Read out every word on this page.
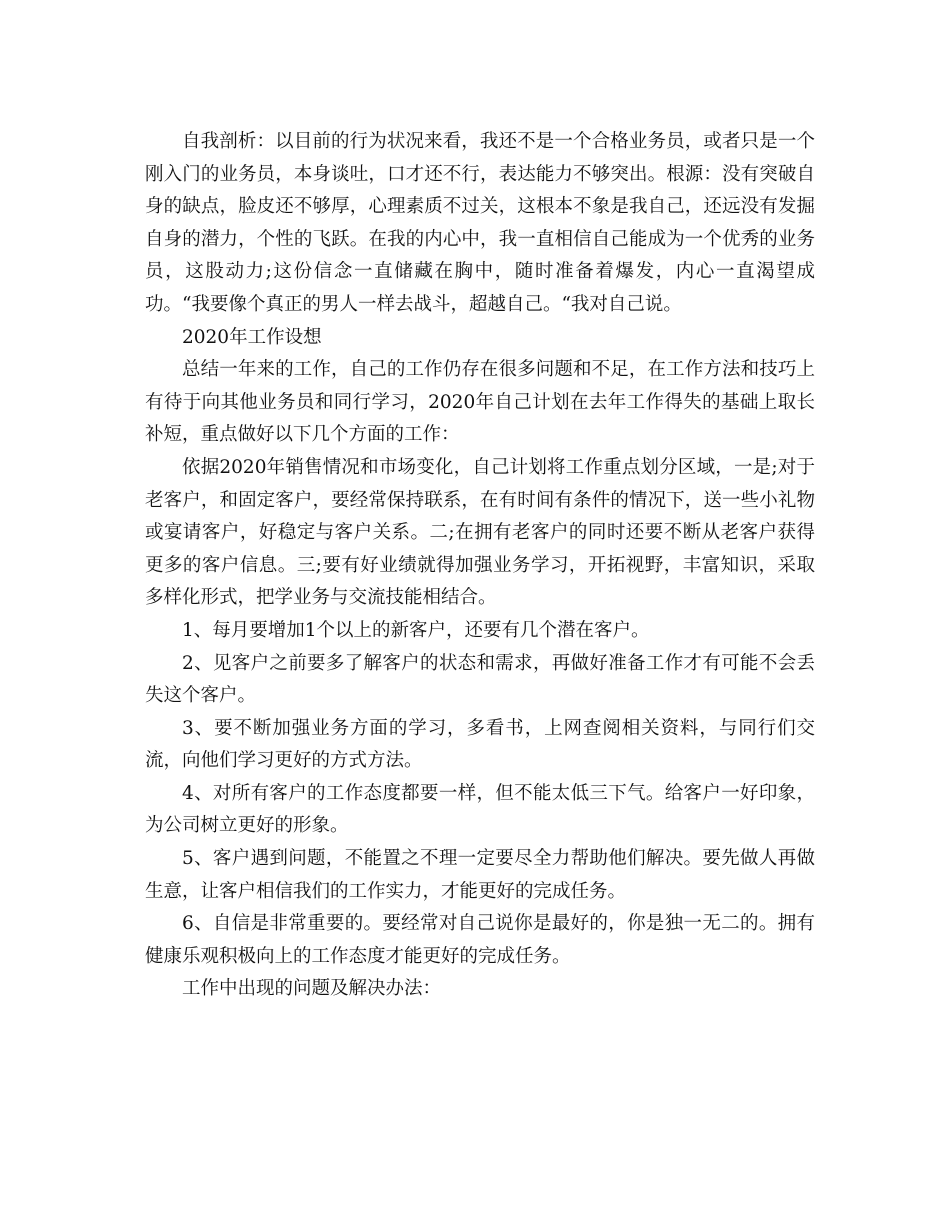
自我剖析：以目前的行为状况来看，我还不是一个合格业务员，或者只是一个刚入门的业务员，本身谈吐，口才还不行，表达能力不够突出。根源：没有突破自身的缺点，脸皮还不够厚，心理素质不过关，这根本不象是我自己，还远没有发掘自身的潜力，个性的飞跃。在我的内心中，我一直相信自己能成为一个优秀的业务员，这股动力;这份信念一直储藏在胸中，随时准备着爆发，内心一直渴望成功。“我要像个真正的男人一样去战斗，超越自己。“我对自己说。

2020年工作设想

总结一年来的工作，自己的工作仍存在很多问题和不足，在工作方法和技巧上有待于向其他业务员和同行学习，2020年自己计划在去年工作得失的基础上取长补短，重点做好以下几个方面的工作：

依据2020年销售情况和市场变化，自己计划将工作重点划分区域，一是;对于老客户，和固定客户，要经常保持联系，在有时间有条件的情况下，送一些小礼物或宴请客户，好稳定与客户关系。二;在拥有老客户的同时还要不断从老客户获得更多的客户信息。三;要有好业绩就得加强业务学习，开拓视野，丰富知识，采取多样化形式，把学业务与交流技能相结合。

1、每月要增加1个以上的新客户，还要有几个潜在客户。

2、见客户之前要多了解客户的状态和需求，再做好准备工作才有可能不会丢失这个客户。

3、要不断加强业务方面的学习，多看书，上网查阅相关资料，与同行们交流，向他们学习更好的方式方法。

4、对所有客户的工作态度都要一样，但不能太低三下气。给客户一好印象，为公司树立更好的形象。

5、客户遇到问题，不能置之不理一定要尽全力帮助他们解决。要先做人再做生意，让客户相信我们的工作实力，才能更好的完成任务。

6、自信是非常重要的。要经常对自己说你是最好的，你是独一无二的。拥有健康乐观积极向上的工作态度才能更好的完成任务。

工作中出现的问题及解决办法：
